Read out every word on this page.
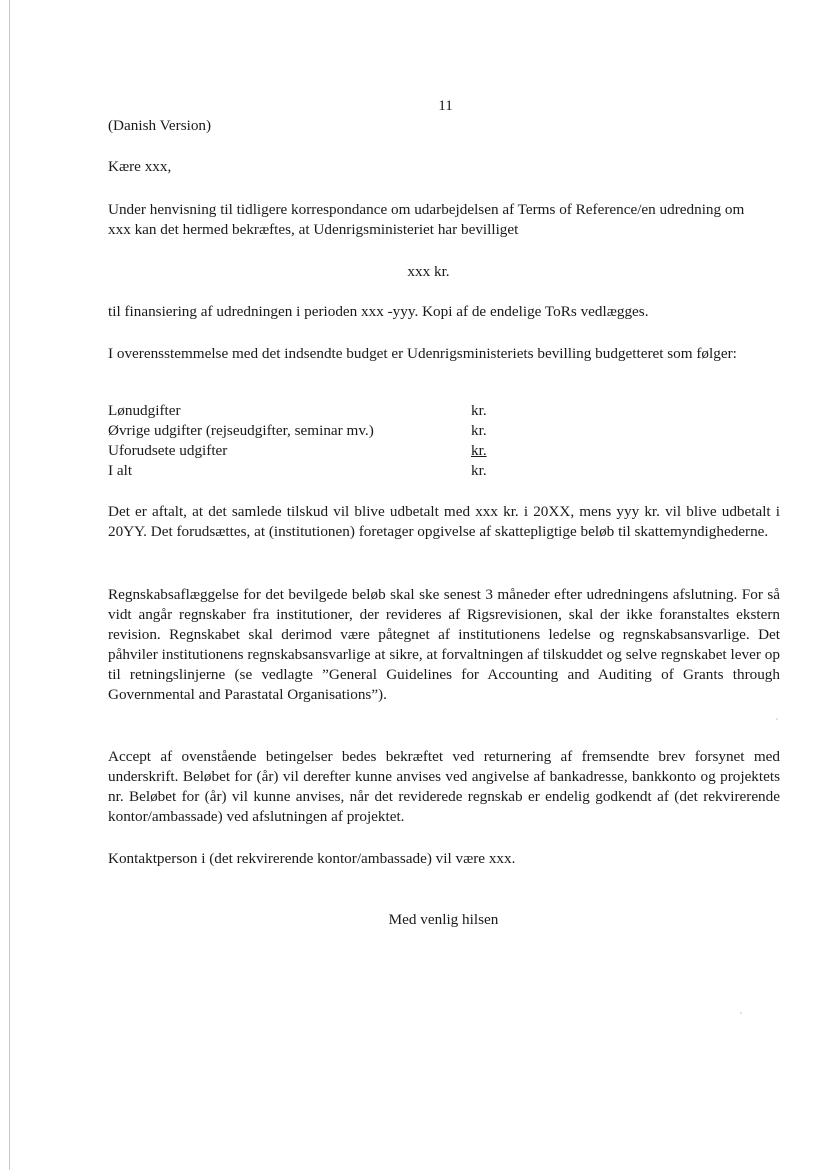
11

(Danish Version)

Kære xxx,

Under henvisning til tidligere korrespondance om udarbejdelsen af Terms of Reference/en udredning om xxx kan det hermed bekræftes, at Udenrigsministeriet har bevilliget

xxx kr.

til finansiering af udredningen i perioden xxx -yyy. Kopi af de endelige ToRs vedlægges.

I overensstemmelse med det indsendte budget er Udenrigsministeriets bevilling budgetteret som følger:

Lønudgifter	kr.
Øvrige udgifter (rejseudgifter, seminar mv.)	kr.
Uforudsete udgifter	kr.
I alt	kr.

Det er aftalt, at det samlede tilskud vil blive udbetalt med xxx kr. i 20XX, mens yyy kr. vil blive udbetalt i 20YY. Det forudsættes, at (institutionen) foretager opgivelse af skattepligtige beløb til skattemyndighederne.

Regnskabsaflæggelse for det bevilgede beløb skal ske senest 3 måneder efter udredningens afslutning. For så vidt angår regnskaber fra institutioner, der revideres af Rigsrevisionen, skal der ikke foranstaltes ekstern revision. Regnskabet skal derimod være påtegnet af institutionens ledelse og regnskabsansvarlige. Det påhviler institutionens regnskabsansvarlige at sikre, at forvaltningen af tilskuddet og selve regnskabet lever op til retningslinjerne (se vedlagte ”General Guidelines for Accounting and Auditing of Grants through Governmental and Parastatal Organisations”).

Accept af ovenstående betingelser bedes bekræftet ved returnering af fremsendte brev forsynet med underskrift. Beløbet for (år) vil derefter kunne anvises ved angivelse af bankadresse, bankkonto og projektets nr. Beløbet for (år) vil kunne anvises, når det reviderede regnskab er endelig godkendt af (det rekvirerende kontor/ambassade) ved afslutningen af projektet.

Kontaktperson i (det rekvirerende kontor/ambassade) vil være xxx.

Med venlig hilsen
